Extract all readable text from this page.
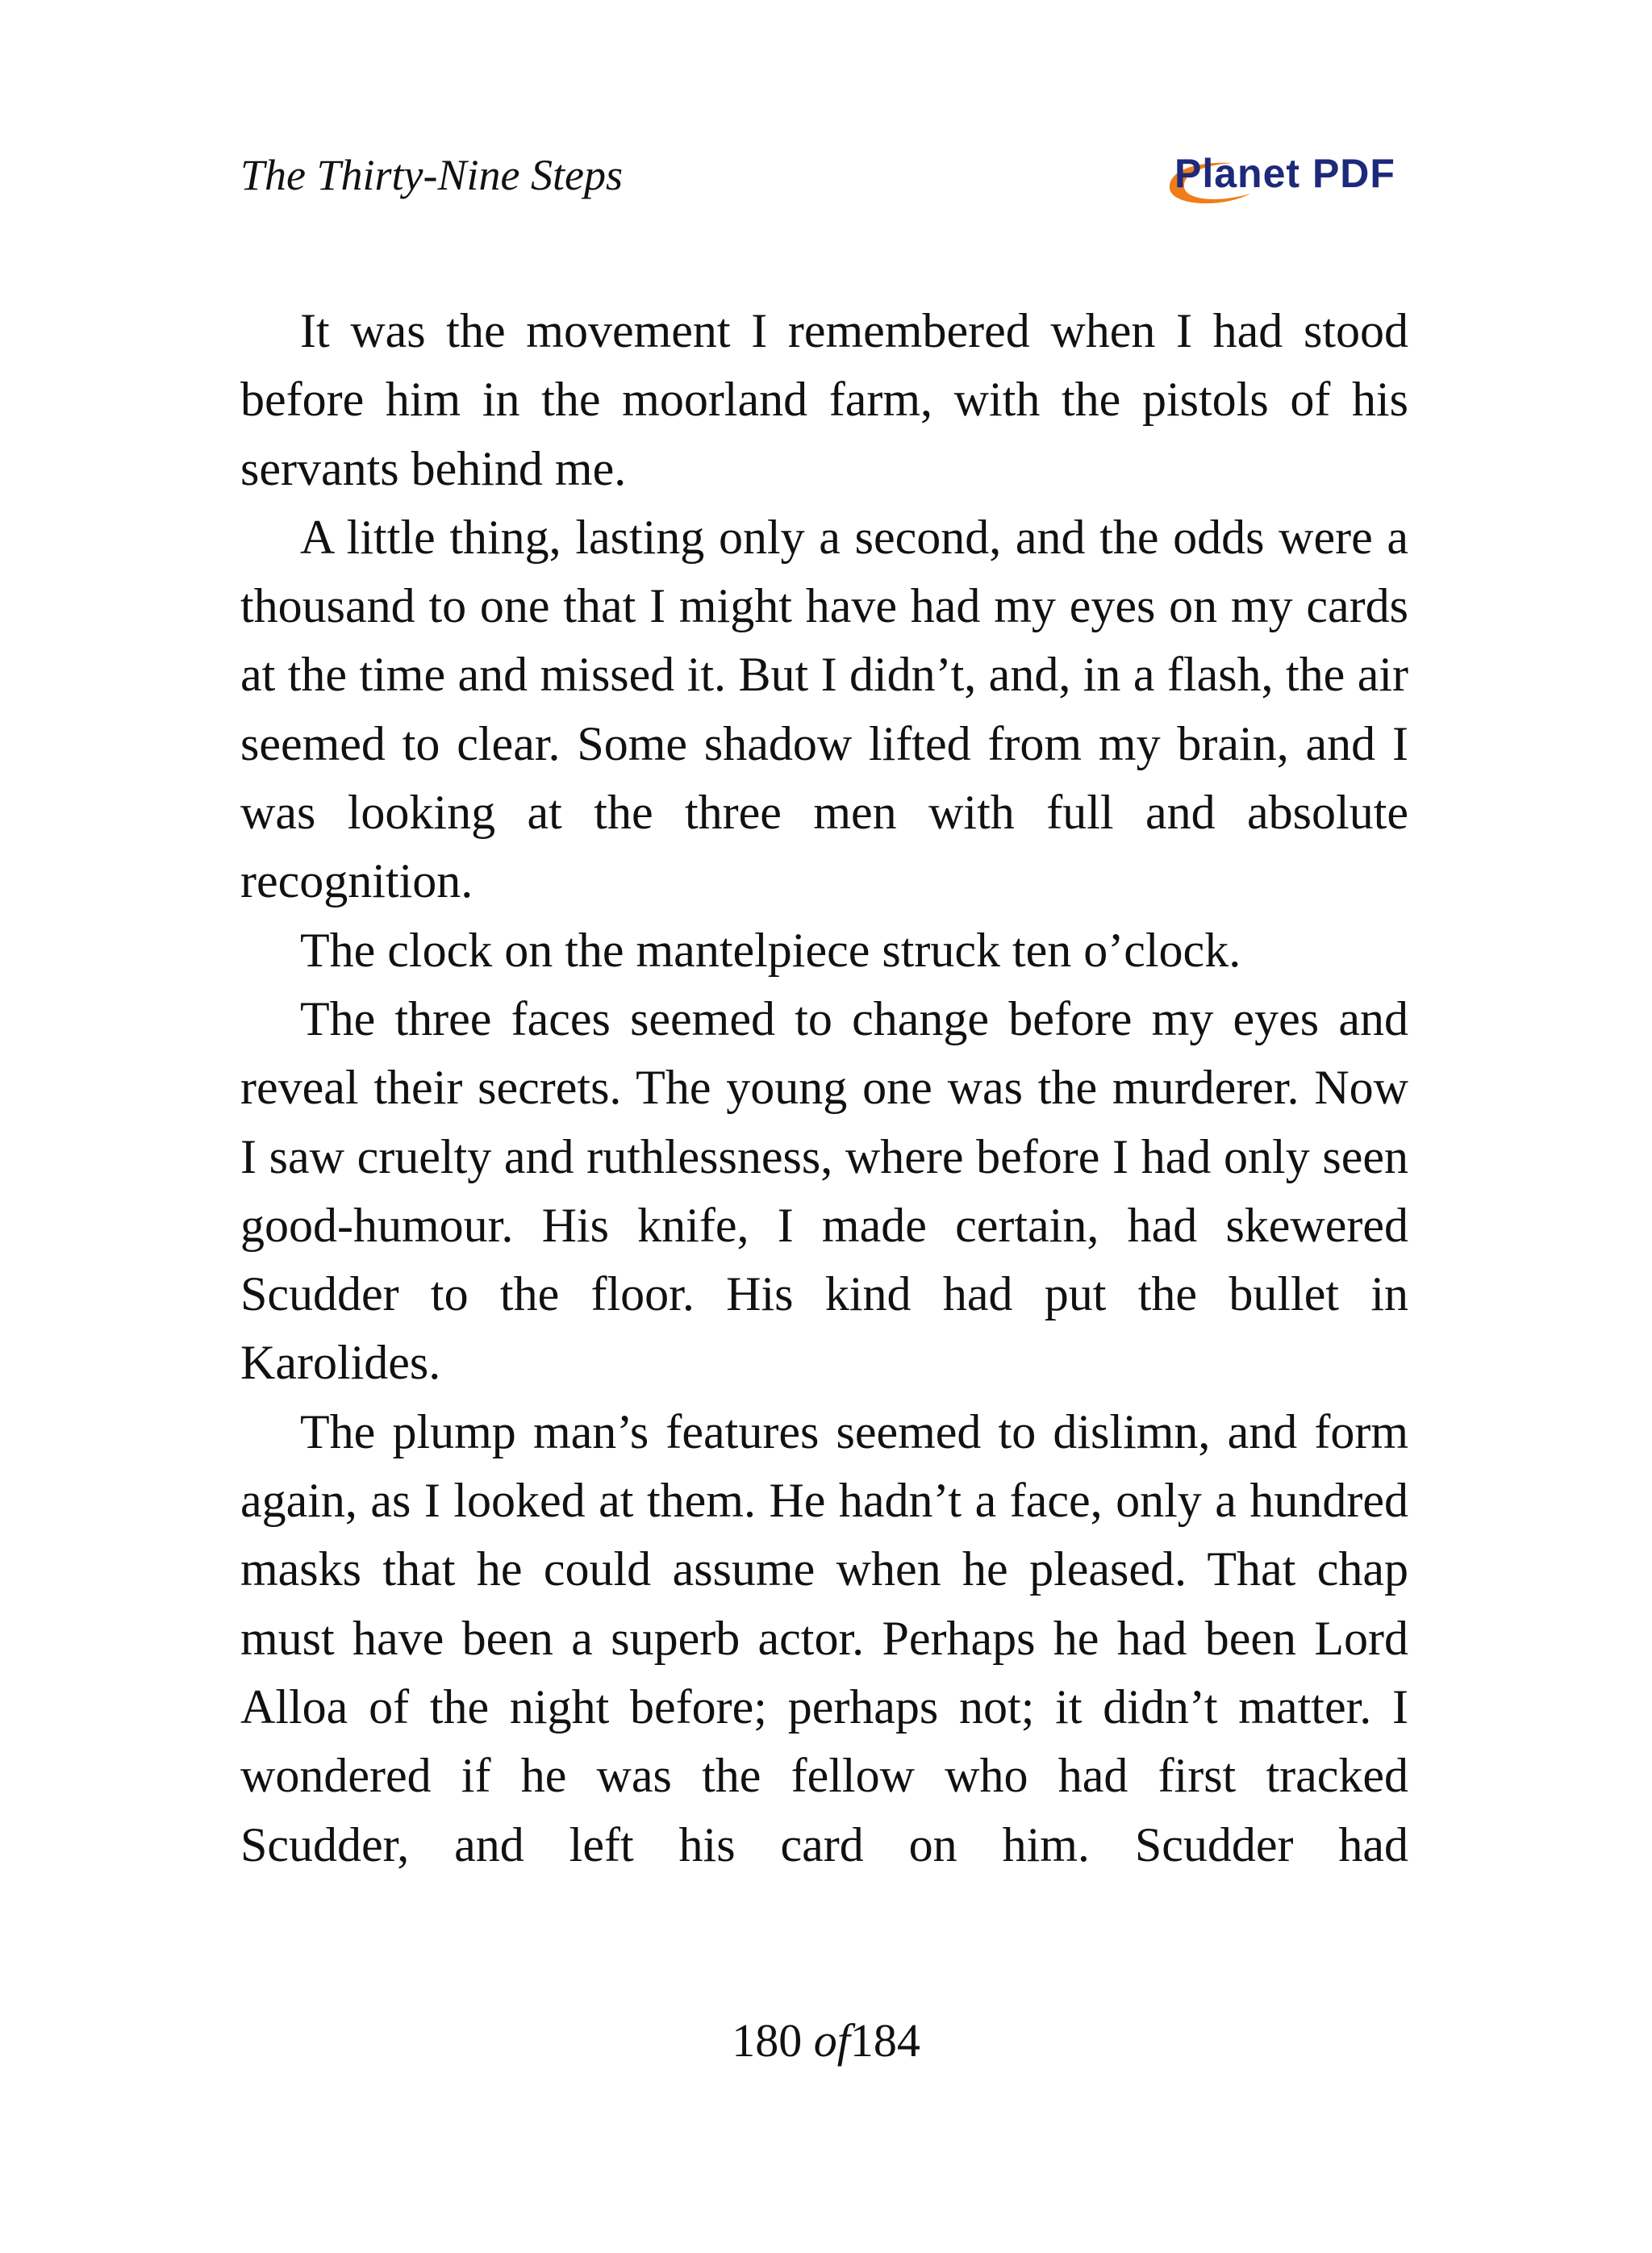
The Thirty-Nine Steps	Planet PDF

It was the movement I remembered when I had stood before him in the moorland farm, with the pistols of his servants behind me.

A little thing, lasting only a second, and the odds were a thousand to one that I might have had my eyes on my cards at the time and missed it. But I didn’t, and, in a flash, the air seemed to clear. Some shadow lifted from my brain, and I was looking at the three men with full and absolute recognition.

The clock on the mantelpiece struck ten o’clock.

The three faces seemed to change before my eyes and reveal their secrets. The young one was the murderer. Now I saw cruelty and ruthlessness, where before I had only seen good-humour. His knife, I made certain, had skewered Scudder to the floor. His kind had put the bullet in Karolides.

The plump man’s features seemed to dislimn, and form again, as I looked at them. He hadn’t a face, only a hundred masks that he could assume when he pleased. That chap must have been a superb actor. Perhaps he had been Lord Alloa of the night before; perhaps not; it didn’t matter. I wondered if he was the fellow who had first tracked Scudder, and left his card on him. Scudder had

180 of184
